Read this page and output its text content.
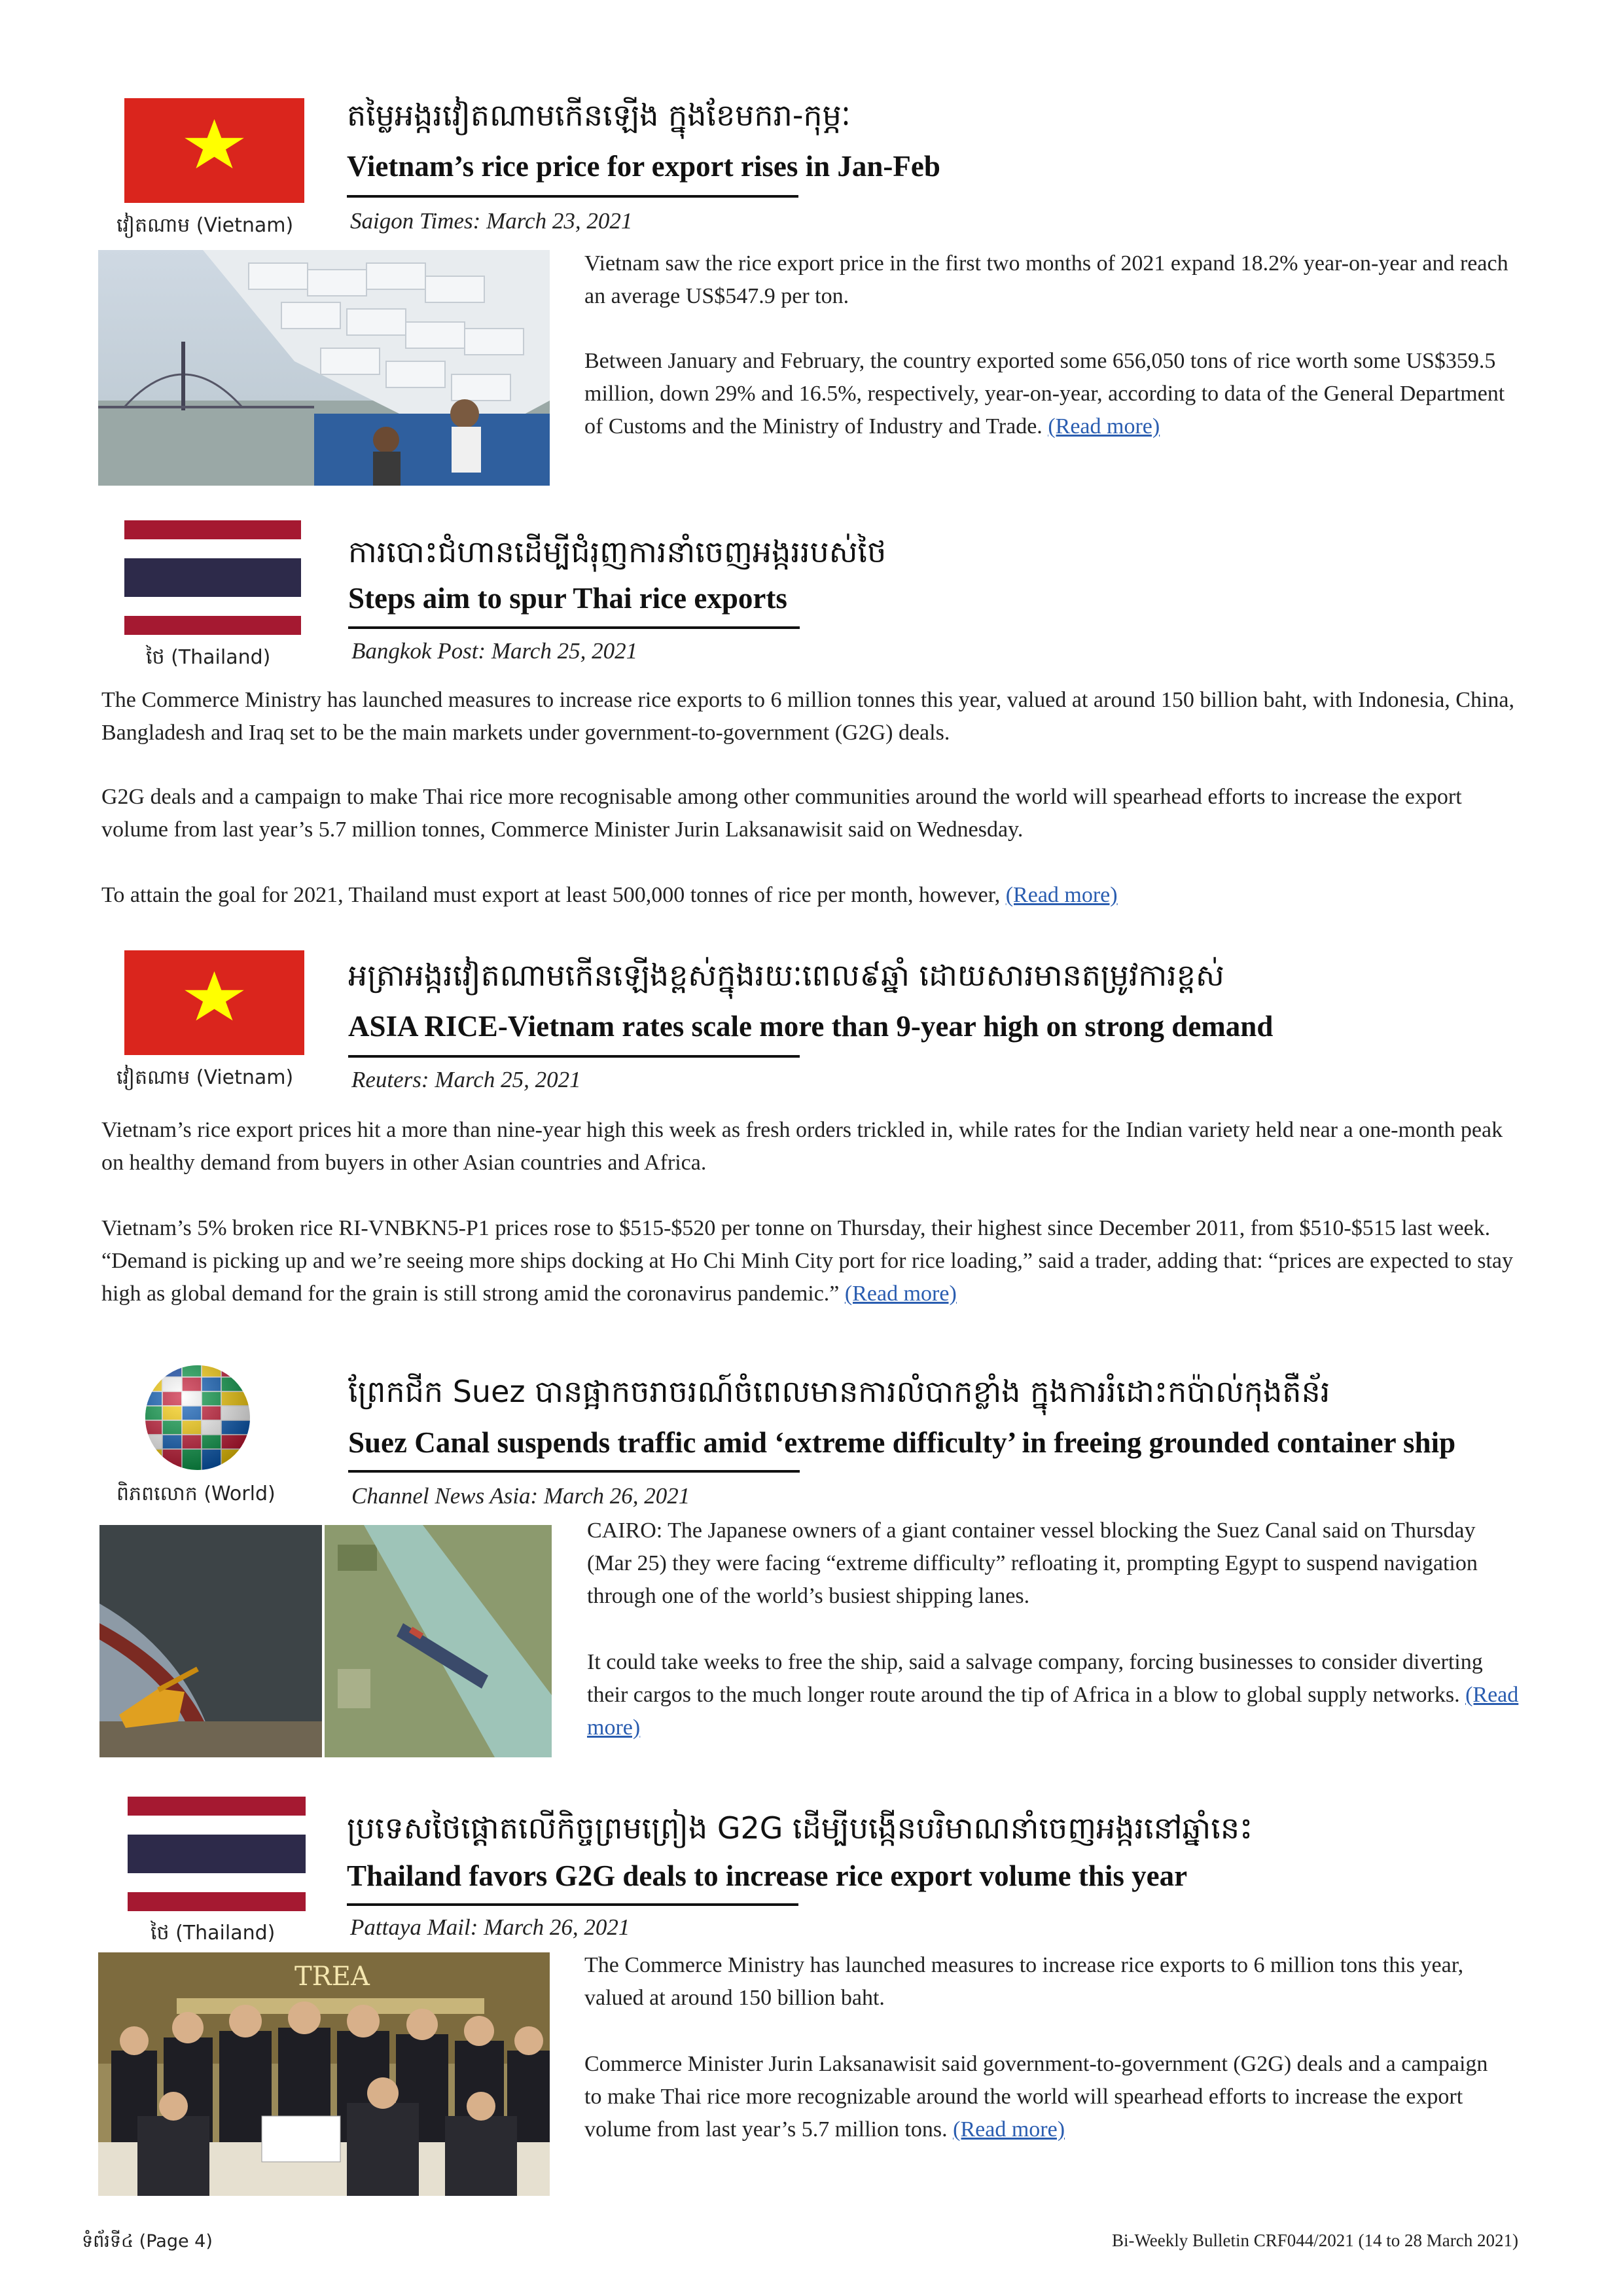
វៀតណាម (Vietnam)
តម្លៃអង្ករវៀតណាមកើនឡើង ក្នុងខែមករា-កុម្ភៈ
Vietnam’s rice price for export rises in Jan-Feb
Saigon Times: March 23, 2021

Vietnam saw the rice export price in the first two months of 2021 expand 18.2% year-on-year and reach an average US$547.9 per ton.

Between January and February, the country exported some 656,050 tons of rice worth some US$359.5 million, down 29% and 16.5%, respectively, year-on-year, according to data of the General Department of Customs and the Ministry of Industry and Trade. (Read more)

ថៃ (Thailand)
ការបោះជំហានដើម្បីជំរុញការនាំចេញអង្កររបស់ថៃ
Steps aim to spur Thai rice exports
Bangkok Post: March 25, 2021

The Commerce Ministry has launched measures to increase rice exports to 6 million tonnes this year, valued at around 150 billion baht, with Indonesia, China, Bangladesh and Iraq set to be the main markets under government-to-government (G2G) deals.

G2G deals and a campaign to make Thai rice more recognisable among other communities around the world will spearhead efforts to increase the export volume from last year’s 5.7 million tonnes, Commerce Minister Jurin Laksanawisit said on Wednesday.

To attain the goal for 2021, Thailand must export at least 500,000 tonnes of rice per month, however, (Read more)

វៀតណាម (Vietnam)
អត្រាអង្ករវៀតណាមកើនឡើងខ្ពស់ក្នុងរយៈពេល៩ឆ្នាំ ដោយសារមានតម្រូវការខ្ពស់
ASIA RICE-Vietnam rates scale more than 9-year high on strong demand
Reuters: March 25, 2021

Vietnam’s rice export prices hit a more than nine-year high this week as fresh orders trickled in, while rates for the Indian variety held near a one-month peak on healthy demand from buyers in other Asian countries and Africa.

Vietnam’s 5% broken rice RI-VNBKN5-P1 prices rose to $515-$520 per tonne on Thursday, their highest since December 2011, from $510-$515 last week. “Demand is picking up and we’re seeing more ships docking at Ho Chi Minh City port for rice loading,” said a trader, adding that: “prices are expected to stay high as global demand for the grain is still strong amid the coronavirus pandemic.” (Read more)

ពិភពលោក (World)
ព្រែកជីក Suez បានផ្អាកចរាចរណ៍ចំពេលមានការលំបាកខ្លាំង ក្នុងការរំដោះកប៉ាល់កុងតឺន័រ
Suez Canal suspends traffic amid ‘extreme difficulty’ in freeing grounded container ship
Channel News Asia: March 26, 2021

CAIRO: The Japanese owners of a giant container vessel blocking the Suez Canal said on Thursday (Mar 25) they were facing “extreme difficulty” refloating it, prompting Egypt to suspend navigation through one of the world’s busiest shipping lanes.

It could take weeks to free the ship, said a salvage company, forcing businesses to consider diverting their cargos to the much longer route around the tip of Africa in a blow to global supply networks. (Read more)

ថៃ (Thailand)
ប្រទេសថៃផ្តោតលើកិច្ចព្រមព្រៀង G2G ដើម្បីបង្កើនបរិមាណនាំចេញអង្ករនៅឆ្នាំនេះ
Thailand favors G2G deals to increase rice export volume this year
Pattaya Mail: March 26, 2021
TREA	The Commerce Ministry has launched measures to increase rice exports to 6 million tons this year, valued at around 150 billion baht.

Commerce Minister Jurin Laksanawisit said government-to-government (G2G) deals and a campaign to make Thai rice more recognizable around the world will spearhead efforts to increase the export volume from last year’s 5.7 million tons. (Read more)

ទំព័រទី៤ (Page 4)	Bi-Weekly Bulletin CRF044/2021 (14 to 28 March 2021)
